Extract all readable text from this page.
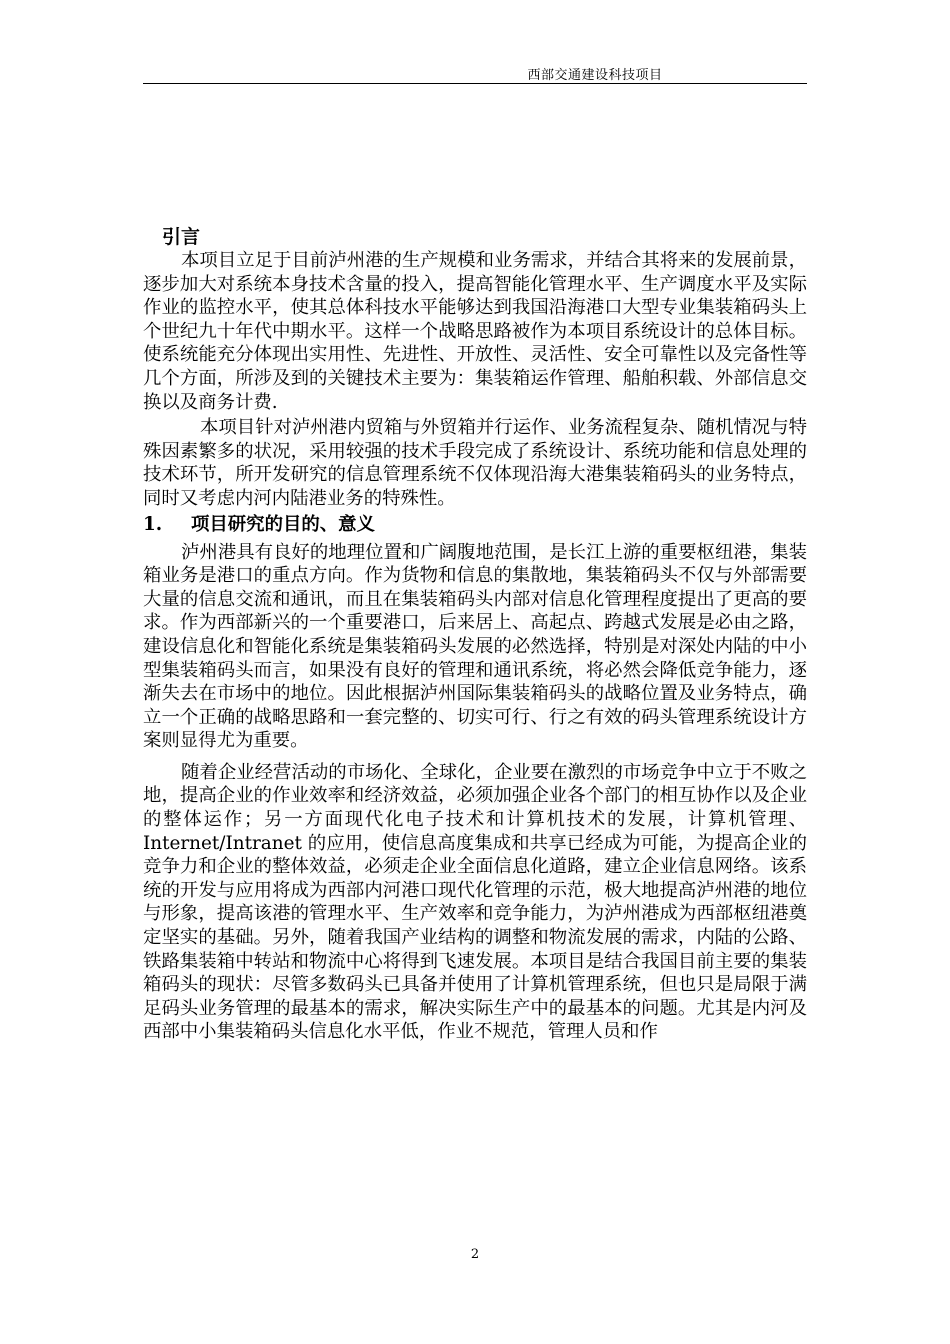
西部交通建设科技项目
引言

本项目立足于目前泸州港的生产规模和业务需求，并结合其将来的发展前景，逐步加大对系统本身技术含量的投入，提高智能化管理水平、生产调度水平及实际作业的监控水平，使其总体科技水平能够达到我国沿海港口大型专业集装箱码头上个世纪九十年代中期水平。这样一个战略思路被作为本项目系统设计的总体目标。使系统能充分体现出实用性、先进性、开放性、灵活性、安全可靠性以及完备性等几个方面，所涉及到的关键技术主要为：集装箱运作管理、船舶积载、外部信息交换以及商务计费.

本项目针对泸州港内贸箱与外贸箱并行运作、业务流程复杂、随机情况与特殊因素繁多的状况，采用较强的技术手段完成了系统设计、系统功能和信息处理的技术环节，所开发研究的信息管理系统不仅体现沿海大港集装箱码头的业务特点，同时又考虑内河内陆港业务的特殊性。

1. 项目研究的目的、意义

泸州港具有良好的地理位置和广阔腹地范围，是长江上游的重要枢纽港，集装箱业务是港口的重点方向。作为货物和信息的集散地，集装箱码头不仅与外部需要大量的信息交流和通讯，而且在集装箱码头内部对信息化管理程度提出了更高的要求。作为西部新兴的一个重要港口，后来居上、高起点、跨越式发展是必由之路，建设信息化和智能化系统是集装箱码头发展的必然选择，特别是对深处内陆的中小型集装箱码头而言，如果没有良好的管理和通讯系统，将必然会降低竞争能力，逐渐失去在市场中的地位。因此根据泸州国际集装箱码头的战略位置及业务特点，确立一个正确的战略思路和一套完整的、切实可行、行之有效的码头管理系统设计方案则显得尤为重要。

随着企业经营活动的市场化、全球化，企业要在激烈的市场竞争中立于不败之地，提高企业的作业效率和经济效益，必须加强企业各个部门的相互协作以及企业的整体运作；另一方面现代化电子技术和计算机技术的发展，计算机管理、Internet/Intranet 的应用，使信息高度集成和共享已经成为可能，为提高企业的竞争力和企业的整体效益，必须走企业全面信息化道路，建立企业信息网络。该系统的开发与应用将成为西部内河港口现代化管理的示范，极大地提高泸州港的地位与形象，提高该港的管理水平、生产效率和竞争能力，为泸州港成为西部枢纽港奠定坚实的基础。另外，随着我国产业结构的调整和物流发展的需求，内陆的公路、铁路集装箱中转站和物流中心将得到飞速发展。本项目是结合我国目前主要的集装箱码头的现状：尽管多数码头已具备并使用了计算机管理系统，但也只是局限于满足码头业务管理的最基本的需求，解决实际生产中的最基本的问题。尤其是内河及西部中小集装箱码头信息化水平低，作业不规范，管理人员和作

2
